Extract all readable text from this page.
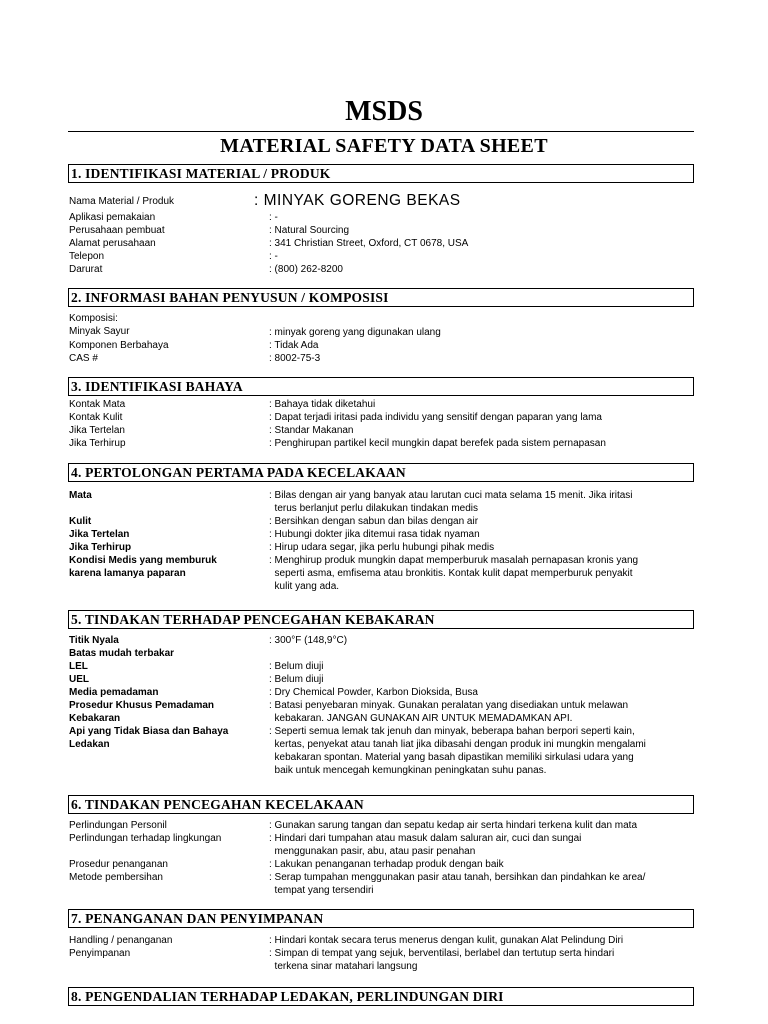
MSDS
MATERIAL SAFETY DATA SHEET
1. IDENTIFIKASI MATERIAL / PRODUK
Nama Material / Produk	: MINYAK GORENG BEKAS
Aplikasi pemakaian	: -
Perusahaan pembuat	: Natural Sourcing
Alamat perusahaan	: 341 Christian Street, Oxford, CT 0678, USA
Telepon	: -
Darurat	: (800) 262-8200
2. INFORMASI BAHAN PENYUSUN / KOMPOSISI
Komposisi:
Minyak Sayur	: minyak goreng yang digunakan ulang
Komponen Berbahaya	: Tidak Ada
CAS #	: 8002-75-3
3. IDENTIFIKASI BAHAYA
Kontak Mata	: Bahaya tidak diketahui
Kontak Kulit	: Dapat terjadi iritasi pada individu yang sensitif dengan paparan yang lama
Jika Tertelan	: Standar Makanan
Jika Terhirup	: Penghirupan partikel kecil mungkin dapat berefek pada sistem pernapasan
4. PERTOLONGAN PERTAMA PADA KECELAKAAN
Mata	: Bilas dengan air yang banyak atau larutan cuci mata selama 15 menit. Jika iritasi
terus berlanjut perlu dilakukan tindakan medis
Kulit	: Bersihkan dengan sabun dan bilas dengan air
Jika Tertelan	: Hubungi dokter jika ditemui rasa tidak nyaman
Jika Terhirup	: Hirup udara segar, jika perlu hubungi pihak medis
Kondisi Medis yang memburuk
karena lamanya paparan
: Menghirup produk mungkin dapat memperburuk masalah pernapasan kronis yang
seperti asma, emfisema atau bronkitis. Kontak kulit dapat memperburuk penyakit
kulit yang ada.
5. TINDAKAN TERHADAP PENCEGAHAN KEBAKARAN
Titik Nyala	: 300°F (148,9°C)
Batas mudah terbakar
LEL	: Belum diuji
UEL	: Belum diuji
Media pemadaman	: Dry Chemical Powder, Karbon Dioksida, Busa
Prosedur Khusus Pemadaman
Kebakaran
: Batasi penyebaran minyak. Gunakan peralatan yang disediakan untuk melawan
kebakaran. JANGAN GUNAKAN AIR UNTUK MEMADAMKAN API.
Api yang Tidak Biasa dan Bahaya
Ledakan
: Seperti semua lemak tak jenuh dan minyak, beberapa bahan berpori seperti kain,
kertas, penyekat atau tanah liat jika dibasahi dengan produk ini mungkin mengalami
kebakaran spontan. Material yang basah dipastikan memiliki sirkulasi udara yang
baik untuk mencegah kemungkinan peningkatan suhu panas.
6. TINDAKAN PENCEGAHAN KECELAKAAN
Perlindungan Personil	: Gunakan sarung tangan dan sepatu kedap air serta hindari terkena kulit dan mata
Perlindungan terhadap lingkungan	: Hindari dari tumpahan atau masuk dalam saluran air, cuci dan sungai
menggunakan pasir, abu, atau pasir penahan
Prosedur penanganan	: Lakukan penanganan terhadap produk dengan baik
Metode pembersihan	: Serap tumpahan menggunakan pasir atau tanah, bersihkan dan pindahkan ke area/
tempat yang tersendiri
7. PENANGANAN DAN PENYIMPANAN
Handling / penanganan	: Hindari kontak secara terus menerus dengan kulit, gunakan Alat Pelindung Diri
Penyimpanan	: Simpan di tempat yang sejuk, berventilasi, berlabel dan tertutup serta hindari
terkena sinar matahari langsung
8. PENGENDALIAN TERHADAP LEDAKAN, PERLINDUNGAN DIRI
